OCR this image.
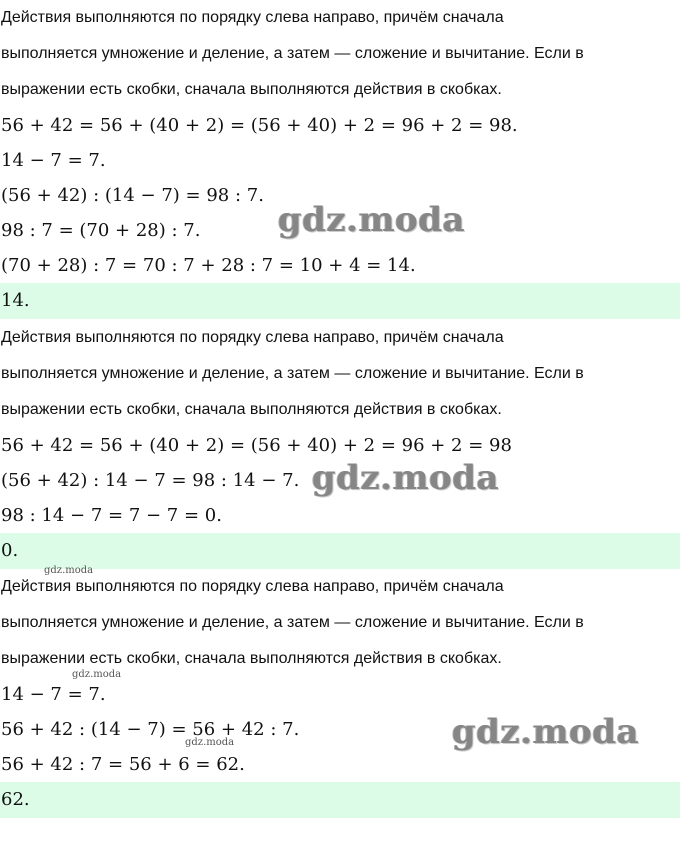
Действия выполняются по порядку слева направо, причём сначала
выполняется умножение и деление, а затем — сложение и вычитание. Если в
выражении есть скобки, сначала выполняются действия в скобках.
56 + 42 = 56 + (40 + 2) = (56 + 40) + 2 = 96 + 2 = 98.
14 − 7 = 7.
(56 + 42) : (14 − 7) = 98 : 7.
98 : 7 = (70 + 28) : 7.
(70 + 28) : 7 = 70 : 7 + 28 : 7 = 10 + 4 = 14.
14.
Действия выполняются по порядку слева направо, причём сначала
выполняется умножение и деление, а затем — сложение и вычитание. Если в
выражении есть скобки, сначала выполняются действия в скобках.
56 + 42 = 56 + (40 + 2) = (56 + 40) + 2 = 96 + 2 = 98
(56 + 42) : 14 − 7 = 98 : 14 − 7.
98 : 14 − 7 = 7 − 7 = 0.
0.
Действия выполняются по порядку слева направо, причём сначала
выполняется умножение и деление, а затем — сложение и вычитание. Если в
выражении есть скобки, сначала выполняются действия в скобках.
14 − 7 = 7.
56 + 42 : (14 − 7) = 56 + 42 : 7.
56 + 42 : 7 = 56 + 6 = 62.
62.
gdz.moda
gdz.moda
gdz.moda
gdz.moda
gdz.moda
gdz.moda
